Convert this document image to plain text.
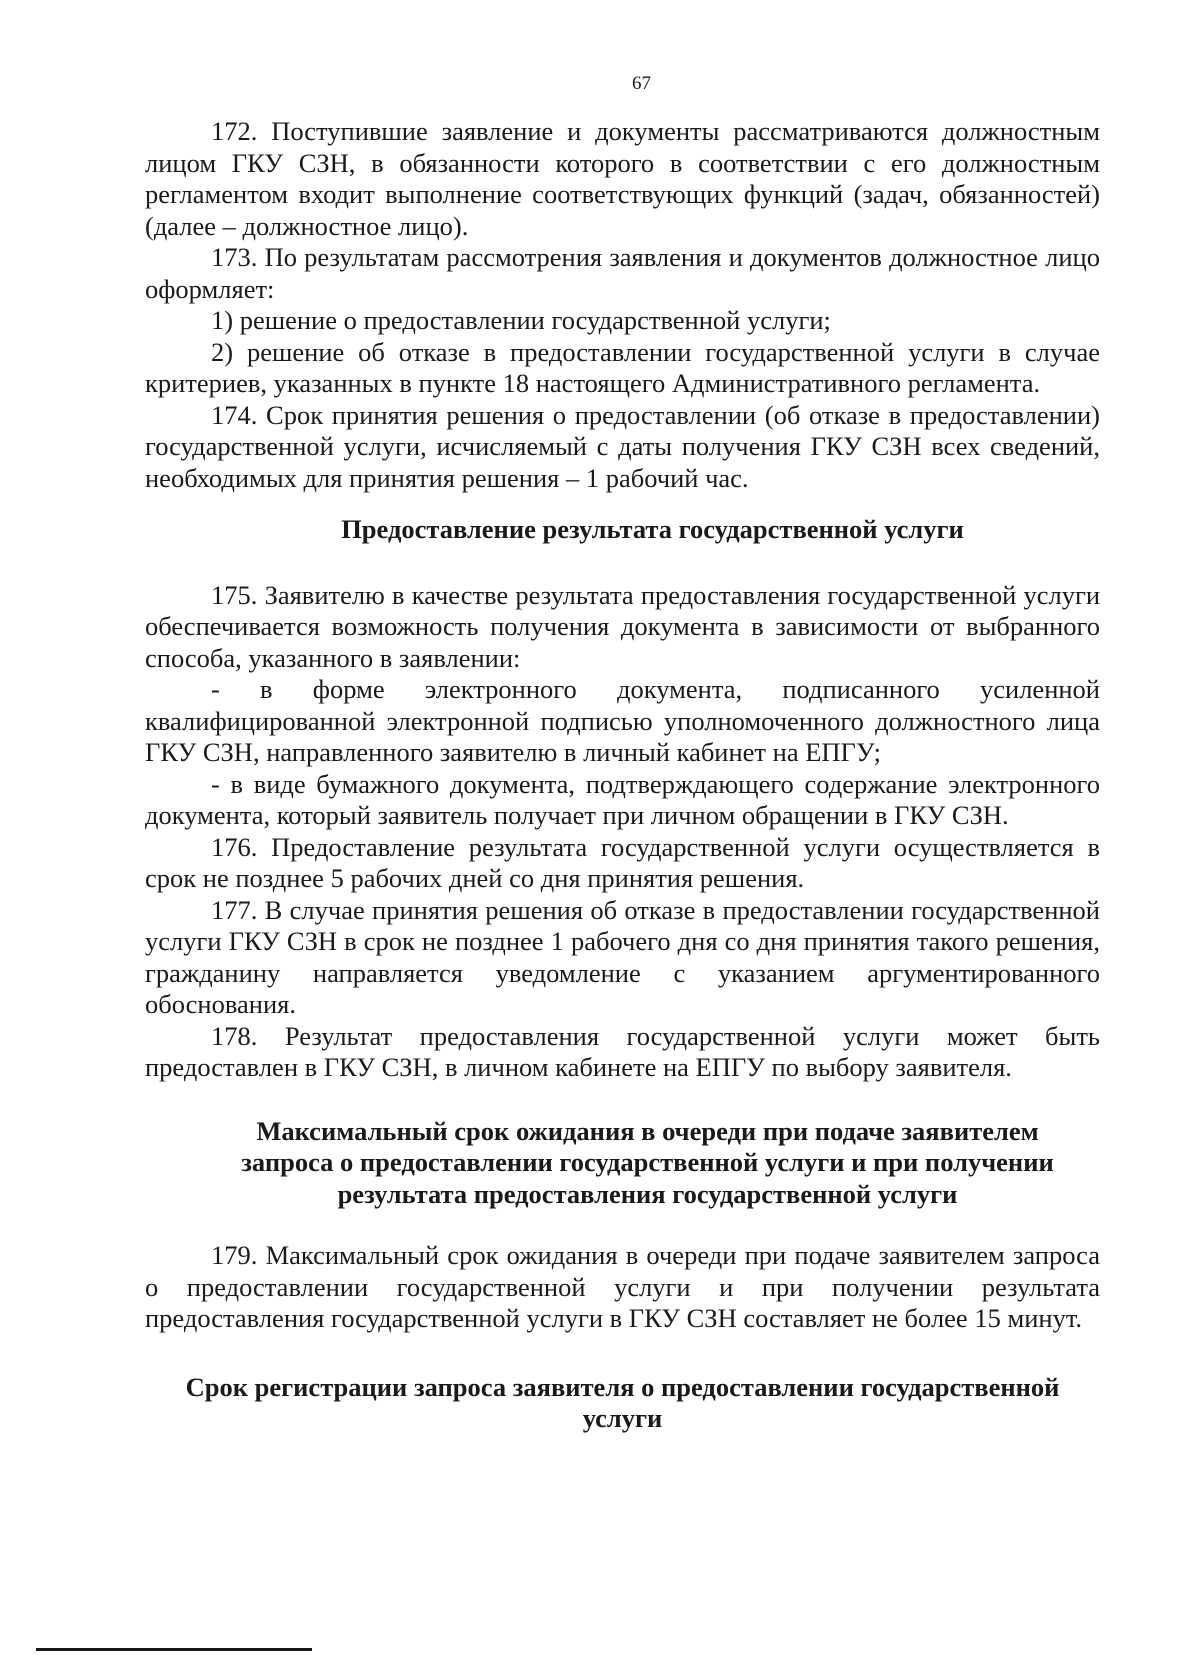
67

172. Поступившие заявление и документы рассматриваются должностным лицом ГКУ СЗН, в обязанности которого в соответствии с его должностным регламентом входит выполнение соответствующих функций (задач, обязанностей) (далее – должностное лицо).

173. По результатам рассмотрения заявления и документов должностное лицо оформляет:

1) решение о предоставлении государственной услуги;

2) решение об отказе в предоставлении государственной услуги в случае критериев, указанных в пункте 18 настоящего Административного регламента.

174. Срок принятия решения о предоставлении (об отказе в предоставлении) государственной услуги, исчисляемый с даты получения ГКУ СЗН всех сведений, необходимых для принятия решения – 1 рабочий час.

Предоставление результата государственной услуги

175. Заявителю в качестве результата предоставления государственной услуги обеспечивается возможность получения документа в зависимости от выбранного способа, указанного в заявлении:

- в форме электронного документа, подписанного усиленной квалифицированной электронной подписью уполномоченного должностного лица ГКУ СЗН, направленного заявителю в личный кабинет на ЕПГУ;

- в виде бумажного документа, подтверждающего содержание электронного документа, который заявитель получает при личном обращении в ГКУ СЗН.

176. Предоставление результата государственной услуги осуществляется в срок не позднее 5 рабочих дней со дня принятия решения.

177. В случае принятия решения об отказе в предоставлении государственной услуги ГКУ СЗН в срок не позднее 1 рабочего дня со дня принятия такого решения, гражданину направляется уведомление с указанием аргументированного обоснования.

178. Результат предоставления государственной услуги может быть предоставлен в ГКУ СЗН, в личном кабинете на ЕПГУ по выбору заявителя.

Максимальный срок ожидания в очереди при подаче заявителем
запроса о предоставлении государственной услуги и при получении
результата предоставления государственной услуги

179. Максимальный срок ожидания в очереди при подаче заявителем запроса о предоставлении государственной услуги и при получении результата предоставления государственной услуги в ГКУ СЗН составляет не более 15 минут.

Срок регистрации запроса заявителя о предоставлении государственной
услуги
